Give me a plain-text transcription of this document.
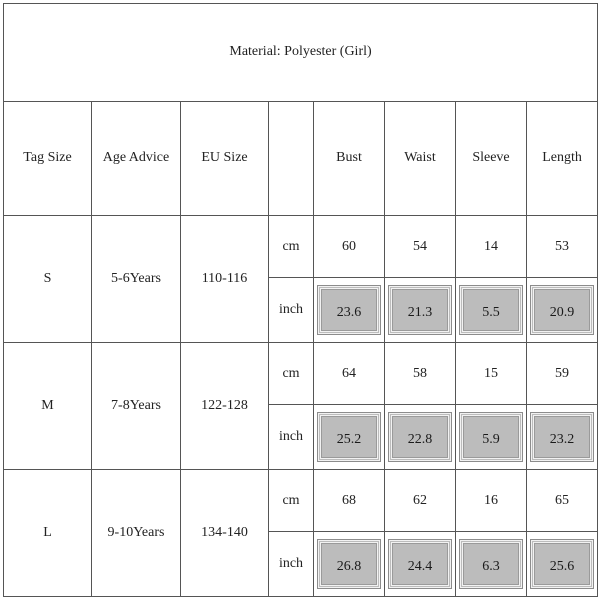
Material: Polyester (Girl)							
Tag Size	Age Advice	EU Size		Bust	Waist	Sleeve	Length
S	5-6Years	110-116	cm	60	54	14	53
			inch	23.6	21.3	5.5	20.9

M	7-8Years	122-128	cm	64	58	15	59
			inch	25.2	22.8	5.9	23.2

L	9-10Years	134-140	cm	68	62	16	65
			inch	26.8	24.4	6.3	25.6
